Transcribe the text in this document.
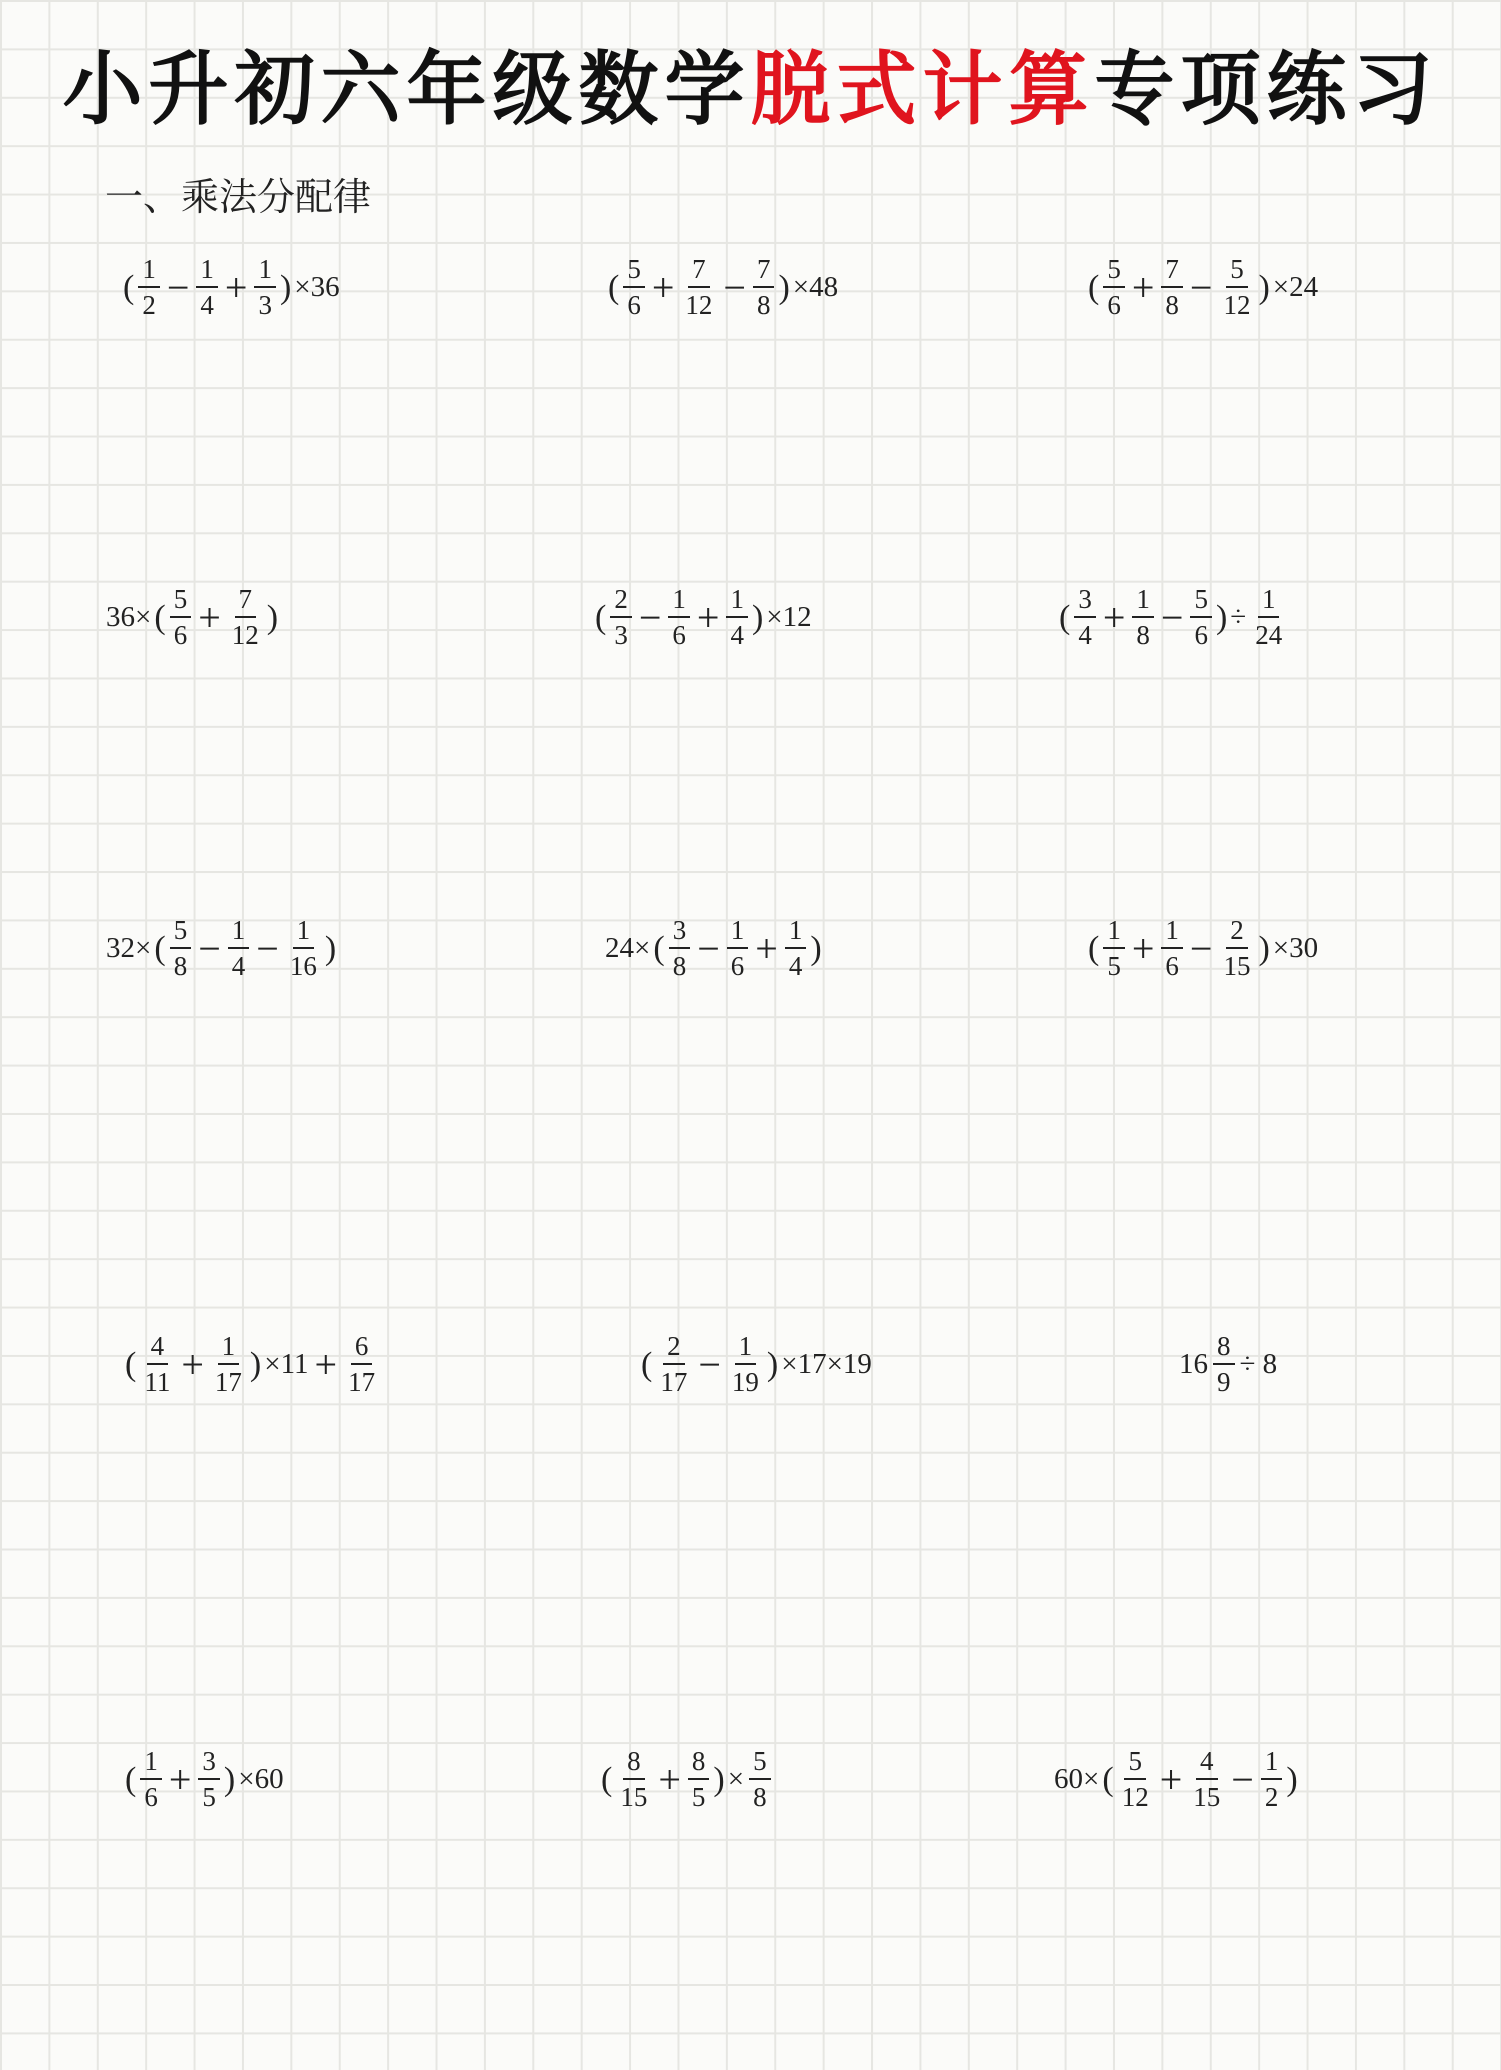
小升初六年级数学脱式计算专项练习
一、乘法分配律
( $\frac{1}{2} - \frac{1}{4} + \frac{1}{3}$ ) ×36	( $\frac{5}{6} + \frac{7}{12} - \frac{7}{8}$ ) ×48	( $\frac{5}{6} + \frac{7}{8} - \frac{5}{12}$ ) ×24
36× ( $\frac{5}{6} + \frac{7}{12}$ )	( $\frac{2}{3} - \frac{1}{6} + \frac{1}{4}$ ) ×12	( $\frac{3}{4} + \frac{1}{8} - \frac{5}{6}$ ) ÷ $\frac{1}{24}$
32× ( $\frac{5}{8} - \frac{1}{4} - \frac{1}{16}$ )	24× ( $\frac{3}{8} - \frac{1}{6} + \frac{1}{4}$ )	( $\frac{1}{5} + \frac{1}{6} - \frac{2}{15}$ ) ×30
( $\frac{4}{11} + \frac{1}{17}$ ) $\times 11 + \frac{6}{17}$	( $\frac{2}{17} - \frac{1}{19}$ ) ×17×19	$16 \frac{8}{9} \div 8$
( $\frac{1}{6} + \frac{3}{5}$ ) ×60	( $\frac{8}{15} + \frac{8}{5}$ ) × $\frac{5}{8}$	60× ( $\frac{5}{12} + \frac{4}{15} - \frac{1}{2}$ )
